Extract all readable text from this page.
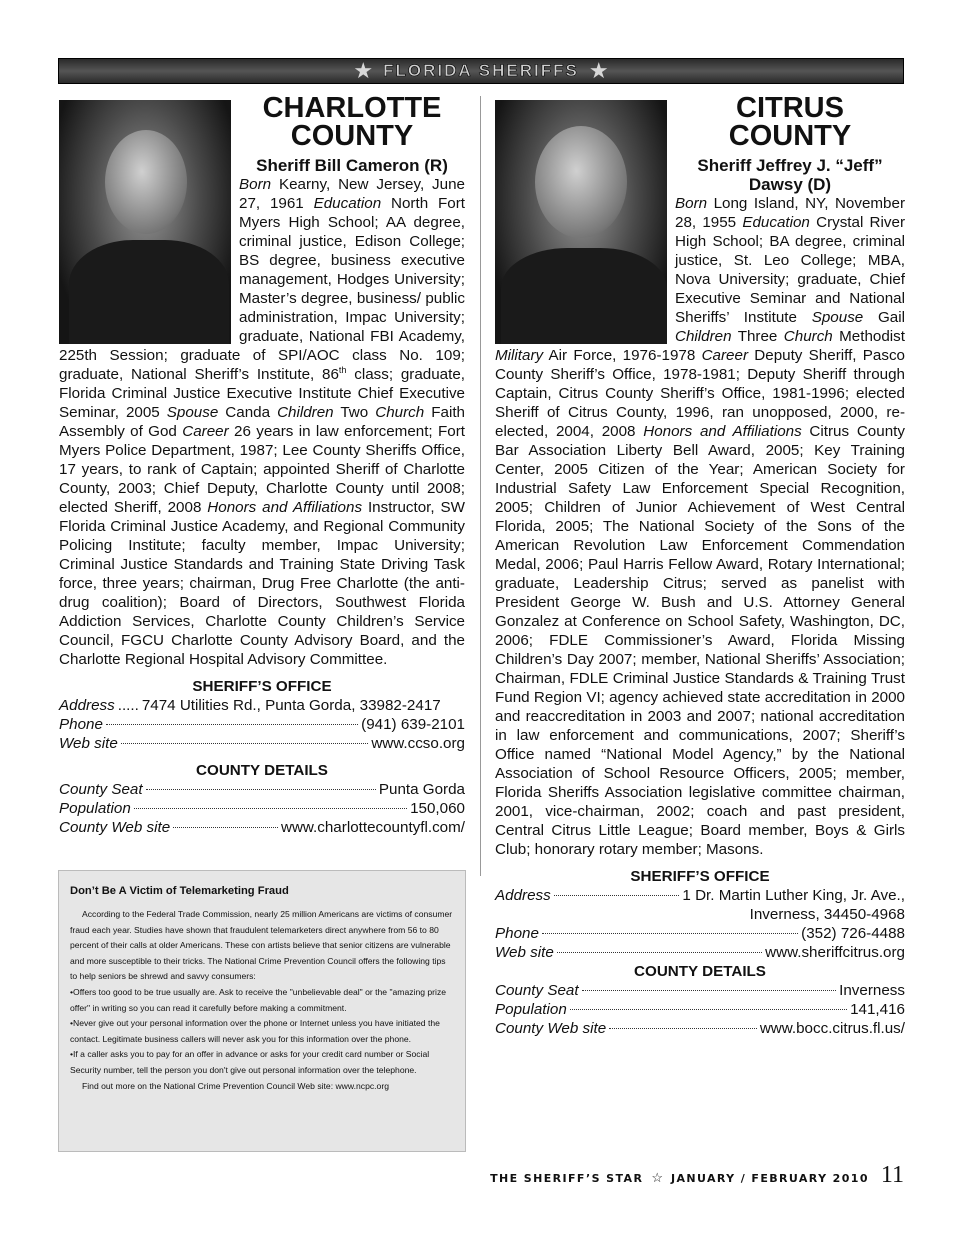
★ FLORIDA SHERIFFS ★
CHARLOTTE
COUNTY
Sheriff Bill Cameron (R)

Born Kearny, New Jersey, June 27, 1961 Education North Fort Myers High School; AA degree, criminal justice, Edison College; BS degree, business executive management, Hodges University; Master’s degree, business/ public administration, Impac University; graduate, National FBI Academy, 225th Session; graduate of SPI/AOC class No. 109; graduate, National Sheriff’s Institute, 86th class; graduate, Florida Criminal Justice Executive Institute Chief Executive Seminar, 2005 Spouse Canda Children Two Church Faith Assembly of God Career 26 years in law enforcement; Fort Myers Police Department, 1987; Lee County Sheriffs Office, 17 years, to rank of Captain; appointed Sheriff of Charlotte County, 2003; Chief Deputy, Charlotte County until 2008; elected Sheriff, 2008 Honors and Affiliations Instructor, SW Florida Criminal Justice Academy, and Regional Community Policing Institute; faculty member, Impac University; Criminal Justice Standards and Training State Driving Task force, three years; chairman, Drug Free Charlotte (the anti-drug coalition); Board of Directors, Southwest Florida Addiction Services, Charlotte County Children’s Service Council, FGCU Charlotte County Advisory Board, and the Charlotte Regional Hospital Advisory Committee.

SHERIFF’S OFFICE
Address ..... 7474 Utilities Rd., Punta Gorda, 33982-2417
Phone	(941) 639-2101
Web site	www.ccso.org
COUNTY DETAILS
County Seat	Punta Gorda
Population	150,060
County Web site	www.charlottecountyfl.com/
CITRUS
COUNTY
Sheriff Jeffrey J. “Jeff”
Dawsy (D)

Born Long Island, NY, November 28, 1955 Education Crystal River High School; BA degree, criminal justice, St. Leo College; MBA, Nova University; graduate, Chief Executive Seminar and National Sheriffs’ Institute Spouse Gail Children Three Church Methodist Military Air Force, 1976-1978 Career Deputy Sheriff, Pasco County Sheriff’s Office, 1978-1981; Deputy Sheriff through Captain, Citrus County Sheriff’s Office, 1981-1996; elected Sheriff of Citrus County, 1996, ran unopposed, 2000, re-elected, 2004, 2008 Honors and Affiliations Citrus County Bar Association Liberty Bell Award, 2005; Key Training Center, 2005 Citizen of the Year; American Society for Industrial Safety Law Enforcement Special Recognition, 2005; Children of Junior Achievement of West Central Florida, 2005; The National Society of the Sons of the American Revolution Law Enforcement Commendation Medal, 2006; Paul Harris Fellow Award, Rotary International; graduate, Leadership Citrus; served as panelist with President George W. Bush and U.S. Attorney General Gonzalez at Conference on School Safety, Washington, DC, 2006; FDLE Commissioner’s Award, Florida Missing Children’s Day 2007; member, National Sheriffs’ Association; Chairman, FDLE Criminal Justice Standards & Training Trust Fund Region VI; agency achieved state accreditation in 2000 and reaccreditation in 2003 and 2007; national accreditation in law enforcement and communications, 2007; Sheriff’s Office named “National Model Agency,” by the National Association of School Resource Officers, 2005; member, Florida Sheriffs Association legislative committee chairman, 2001, vice-chairman, 2002; coach and past president, Central Citrus Little League; Board member, Boys & Girls Club; honorary rotary member; Masons.

SHERIFF’S OFFICE
Address	1 Dr. Martin Luther King, Jr. Ave.,
Inverness, 34450-4968
Phone	(352) 726-4488
Web site	www.sheriffcitrus.org
COUNTY DETAILS
County Seat	Inverness
Population	141,416
County Web site	www.bocc.citrus.fl.us/
Don’t Be A Victim of Telemarketing Fraud

According to the Federal Trade Commission, nearly 25 million Americans are victims of consumer fraud each year. Studies have shown that fraudulent telemarketers direct anywhere from 56 to 80 percent of their calls at older Americans. These con artists believe that senior citizens are vulnerable and more susceptible to their tricks. The National Crime Prevention Council offers the following tips to help seniors be shrewd and savvy consumers:

•Offers too good to be true usually are. Ask to receive the "unbelievable deal" or the "amazing prize offer" in writing so you can read it carefully before making a commitment.

•Never give out your personal information over the phone or Internet unless you have initiated the contact. Legitimate business callers will never ask you for this information over the phone.

•If a caller asks you to pay for an offer in advance or asks for your credit card number or Social Security number, tell the person you don't give out personal information over the telephone.

Find out more on the National Crime Prevention Council Web site: www.ncpc.org

THE SHERIFF’S STAR ☆ JANUARY / FEBRUARY 2010 11
